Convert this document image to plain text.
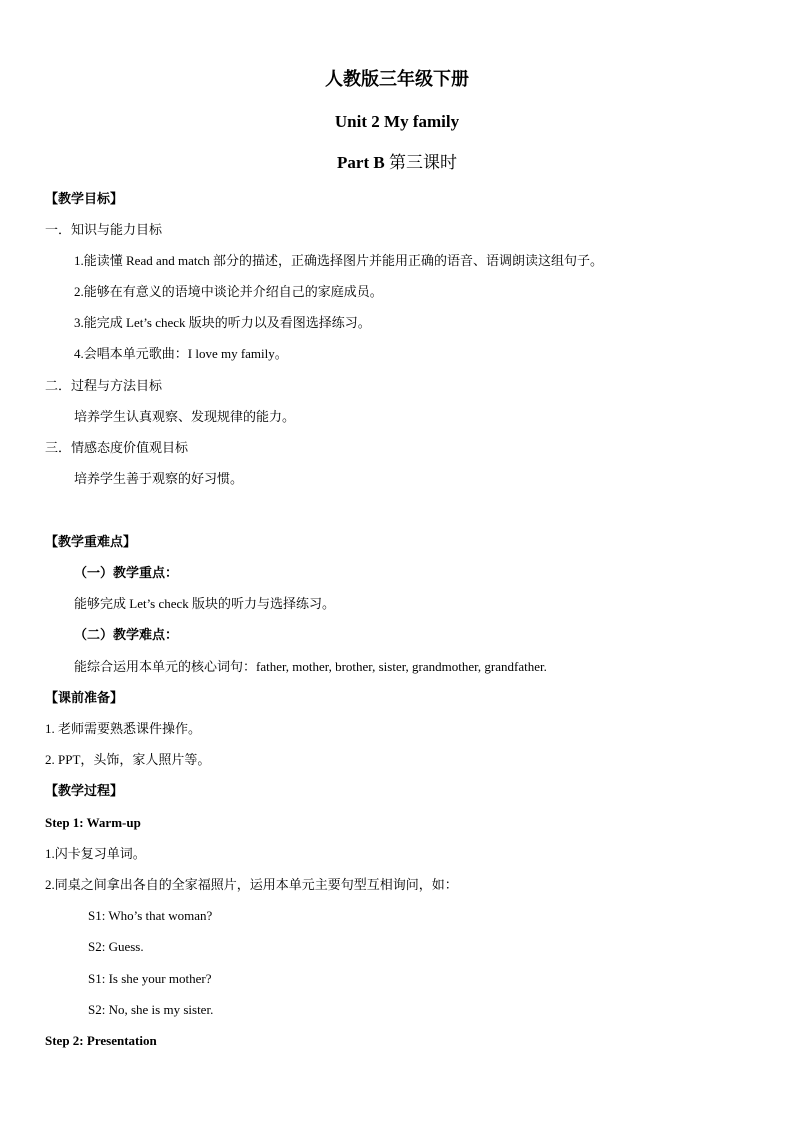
人教版三年级下册
Unit 2 My family
Part B 第三课时
【教学目标】
一．知识与能力目标
1.能读懂 Read and match 部分的描述，正确选择图片并能用正确的语音、语调朗读这组句子。
2.能够在有意义的语境中谈论并介绍自己的家庭成员。
3.能完成 Let’s check 版块的听力以及看图选择练习。
4.会唱本单元歌曲：I love my family。
二．过程与方法目标
培养学生认真观察、发现规律的能力。
三．情感态度价值观目标
培养学生善于观察的好习惯。
【教学重难点】
（一）教学重点：
能够完成 Let’s check 版块的听力与选择练习。
（二）教学难点：
能综合运用本单元的核心词句：father, mother, brother, sister, grandmother, grandfather.
【课前准备】
1. 老师需要熟悉课件操作。
2. PPT，头饰，家人照片等。
【教学过程】
Step 1: Warm-up
1.闪卡复习单词。
2.同桌之间拿出各自的全家福照片，运用本单元主要句型互相询问，如：
S1: Who’s that woman?
S2: Guess.
S1: Is she your mother?
S2: No, she is my sister.
Step 2: Presentation
